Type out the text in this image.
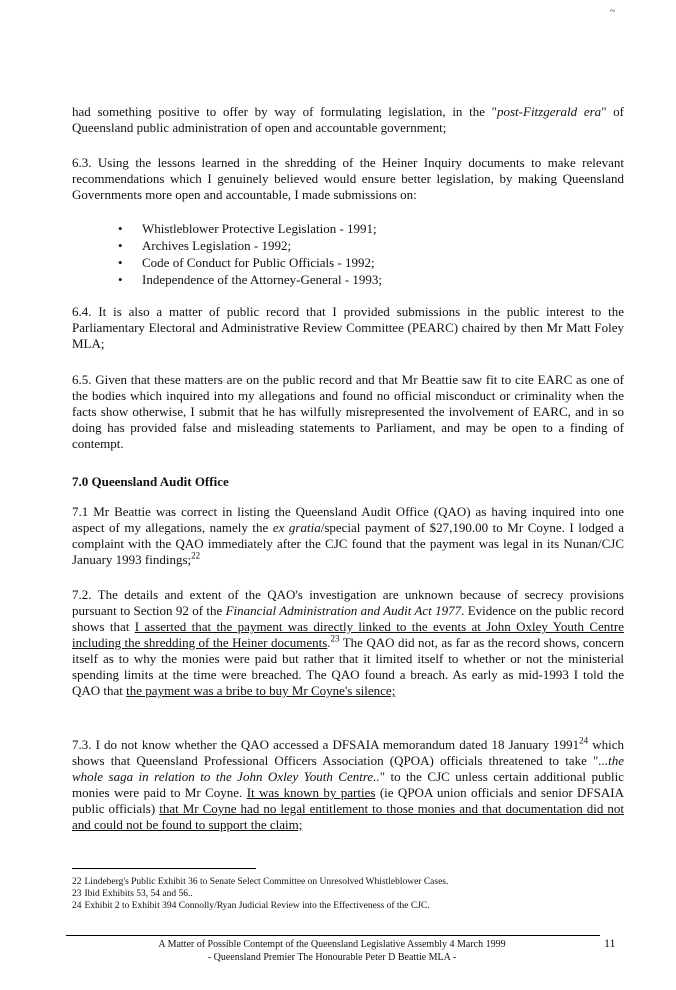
~
had something positive to offer by way of formulating legislation, in the "post-Fitzgerald era" of Queensland public administration of open and accountable government;
6.3. Using the lessons learned in the shredding of the Heiner Inquiry documents to make relevant recommendations which I genuinely believed would ensure better legislation, by making Queensland Governments more open and accountable, I made submissions on:
• Whistleblower Protective Legislation - 1991;
• Archives Legislation - 1992;
• Code of Conduct for Public Officials - 1992;
• Independence of the Attorney-General - 1993;
6.4. It is also a matter of public record that I provided submissions in the public interest to the Parliamentary Electoral and Administrative Review Committee (PEARC) chaired by then Mr Matt Foley MLA;
6.5. Given that these matters are on the public record and that Mr Beattie saw fit to cite EARC as one of the bodies which inquired into my allegations and found no official misconduct or criminality when the facts show otherwise, I submit that he has wilfully misrepresented the involvement of EARC, and in so doing has provided false and misleading statements to Parliament, and may be open to a finding of contempt.
7.0 Queensland Audit Office
7.1 Mr Beattie was correct in listing the Queensland Audit Office (QAO) as having inquired into one aspect of my allegations, namely the ex gratia/special payment of $27,190.00 to Mr Coyne. I lodged a complaint with the QAO immediately after the CJC found that the payment was legal in its Nunan/CJC January 1993 findings;$^{22}$
7.2. The details and extent of the QAO's investigation are unknown because of secrecy provisions pursuant to Section 92 of the Financial Administration and Audit Act 1977. Evidence on the public record shows that I asserted that the payment was directly linked to the events at John Oxley Youth Centre including the shredding of the Heiner documents.$^{23}$ The QAO did not, as far as the record shows, concern itself as to why the monies were paid but rather that it limited itself to whether or not the ministerial spending limits at the time were breached. The QAO found a breach. As early as mid-1993 I told the QAO that the payment was a bribe to buy Mr Coyne's silence;
7.3. I do not know whether the QAO accessed a DFSAIA memorandum dated 18 January 1991$^{24}$ which shows that Queensland Professional Officers Association (QPOA) officials threatened to take "...the whole saga in relation to the John Oxley Youth Centre.." to the CJC unless certain additional public monies were paid to Mr Coyne. It was known by parties (ie QPOA union officials and senior DFSAIA public officials) that Mr Coyne had no legal entitlement to those monies and that documentation did not and could not be found to support the claim;
22 Lindeberg's Public Exhibit 36 to Senate Select Committee on Unresolved Whistleblower Cases.
23 Ibid Exhibits 53, 54 and 56..
24 Exhibit 2 to Exhibit 394 Connolly/Ryan Judicial Review into the Effectiveness of the CJC.
A Matter of Possible Contempt of the Queensland Legislative Assembly 4 March 1999
- Queensland Premier The Honourable Peter D Beattie MLA -
11
